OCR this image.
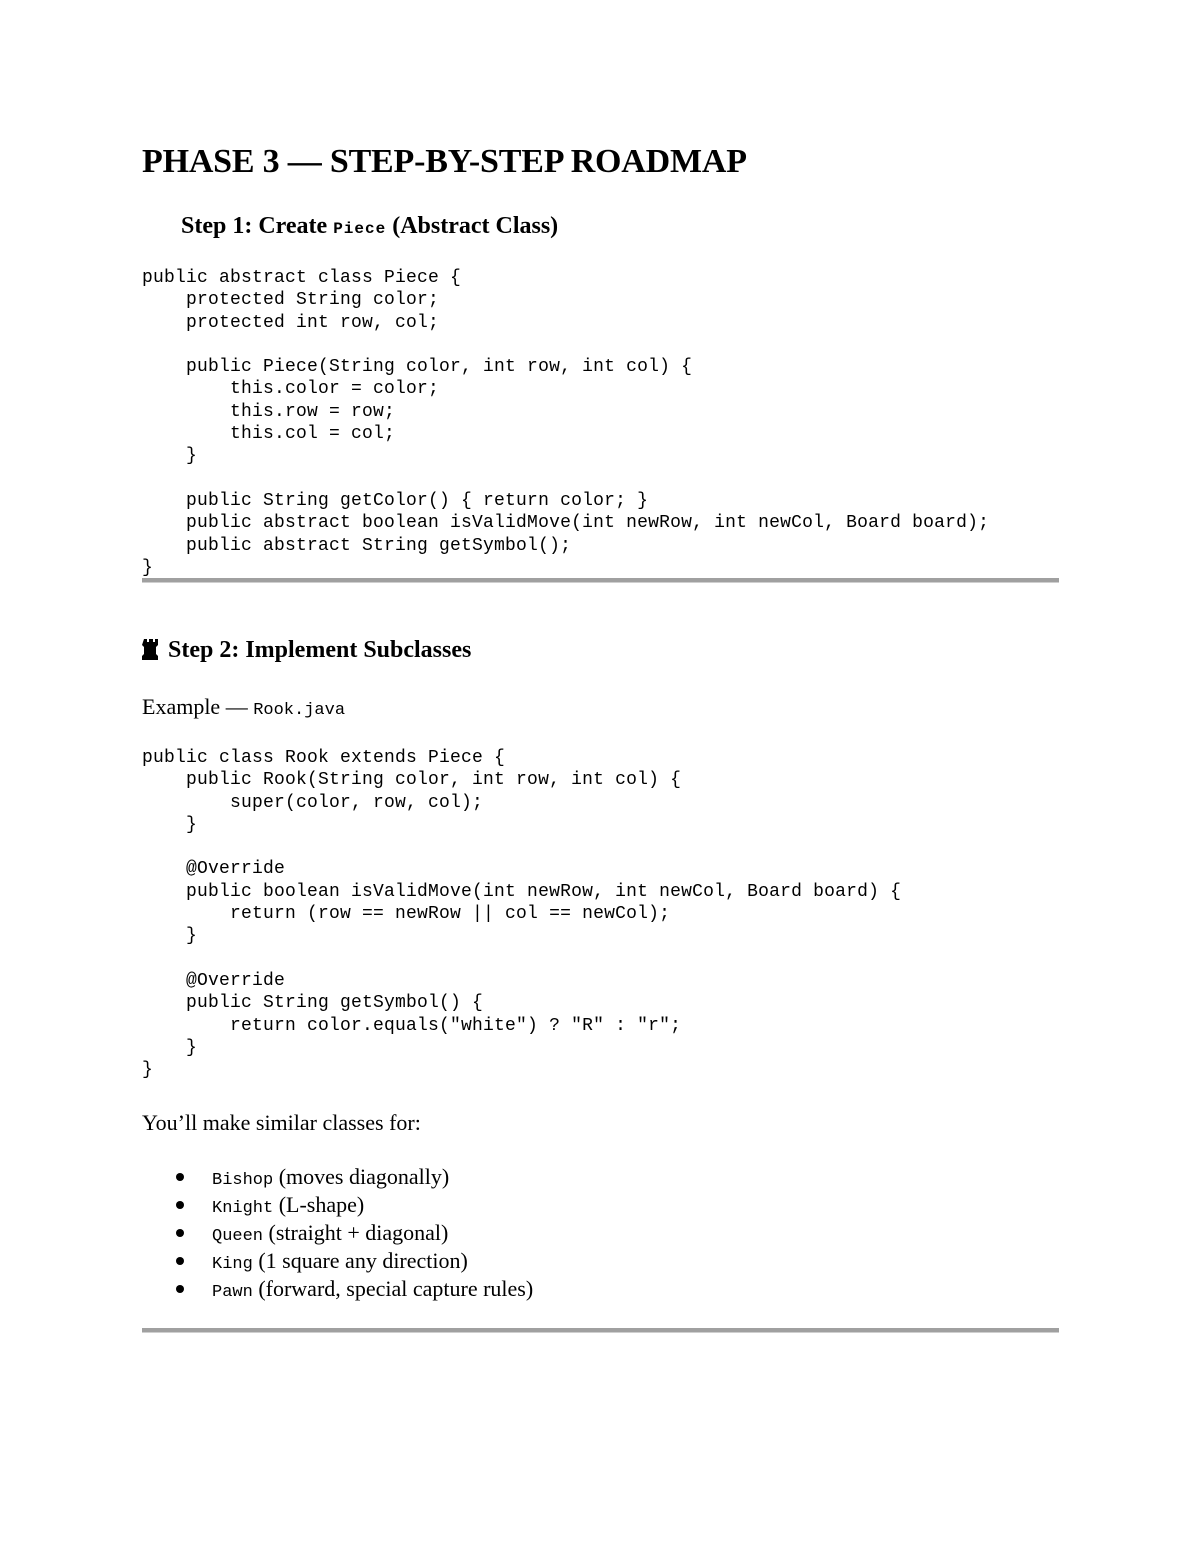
PHASE 3 — STEP-BY-STEP ROADMAP
Step 1: Create Piece (Abstract Class)
public abstract class Piece {
protected String color;
protected int row, col;

public Piece(String color, int row, int col) {
this.color = color;
this.row = row;
this.col = col;
}

public String getColor() { return color; }
public abstract boolean isValidMove(int newRow, int newCol, Board board);
public abstract String getSymbol();
}
Step 2: Implement Subclasses

Example — Rook.java

public class Rook extends Piece {
public Rook(String color, int row, int col) {
super(color, row, col);
}

@Override
public boolean isValidMove(int newRow, int newCol, Board board) {
return (row == newRow || col == newCol);
}

@Override
public String getSymbol() {
return color.equals("white") ? "R" : "r";
}
}

You’ll make similar classes for:

Bishop (moves diagonally)
Knight (L-shape)
Queen (straight + diagonal)
King (1 square any direction)
Pawn (forward, special capture rules)
